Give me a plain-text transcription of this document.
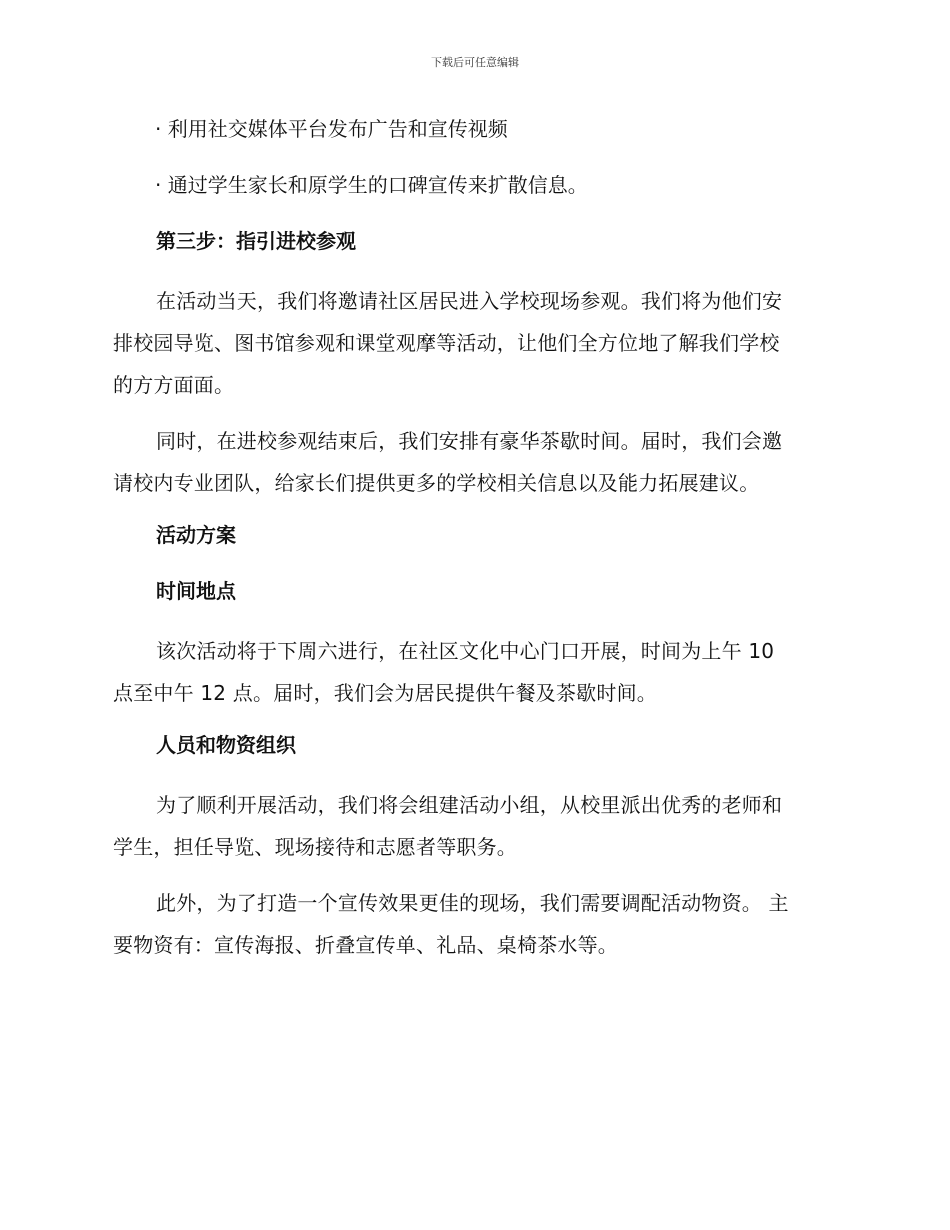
下载后可任意编辑

· 利用社交媒体平台发布广告和宣传视频

· 通过学生家长和原学生的口碑宣传来扩散信息。

第三步：指引进校参观

在活动当天，我们将邀请社区居民进入学校现场参观。我们将为他们安
排校园导览、图书馆参观和课堂观摩等活动，让他们全方位地了解我们学校
的方方面面。

同时，在进校参观结束后，我们安排有豪华茶歇时间。届时，我们会邀
请校内专业团队，给家长们提供更多的学校相关信息以及能力拓展建议。

活动方案
时间地点

该次活动将于下周六进行，在社区文化中心门口开展，时间为上午 10
点至中午 12 点。届时，我们会为居民提供午餐及茶歇时间。

人员和物资组织

为了顺利开展活动，我们将会组建活动小组，从校里派出优秀的老师和
学生，担任导览、现场接待和志愿者等职务。

此外，为了打造一个宣传效果更佳的现场，我们需要调配活动物资。 主
要物资有：宣传海报、折叠宣传单、礼品、桌椅茶水等。
